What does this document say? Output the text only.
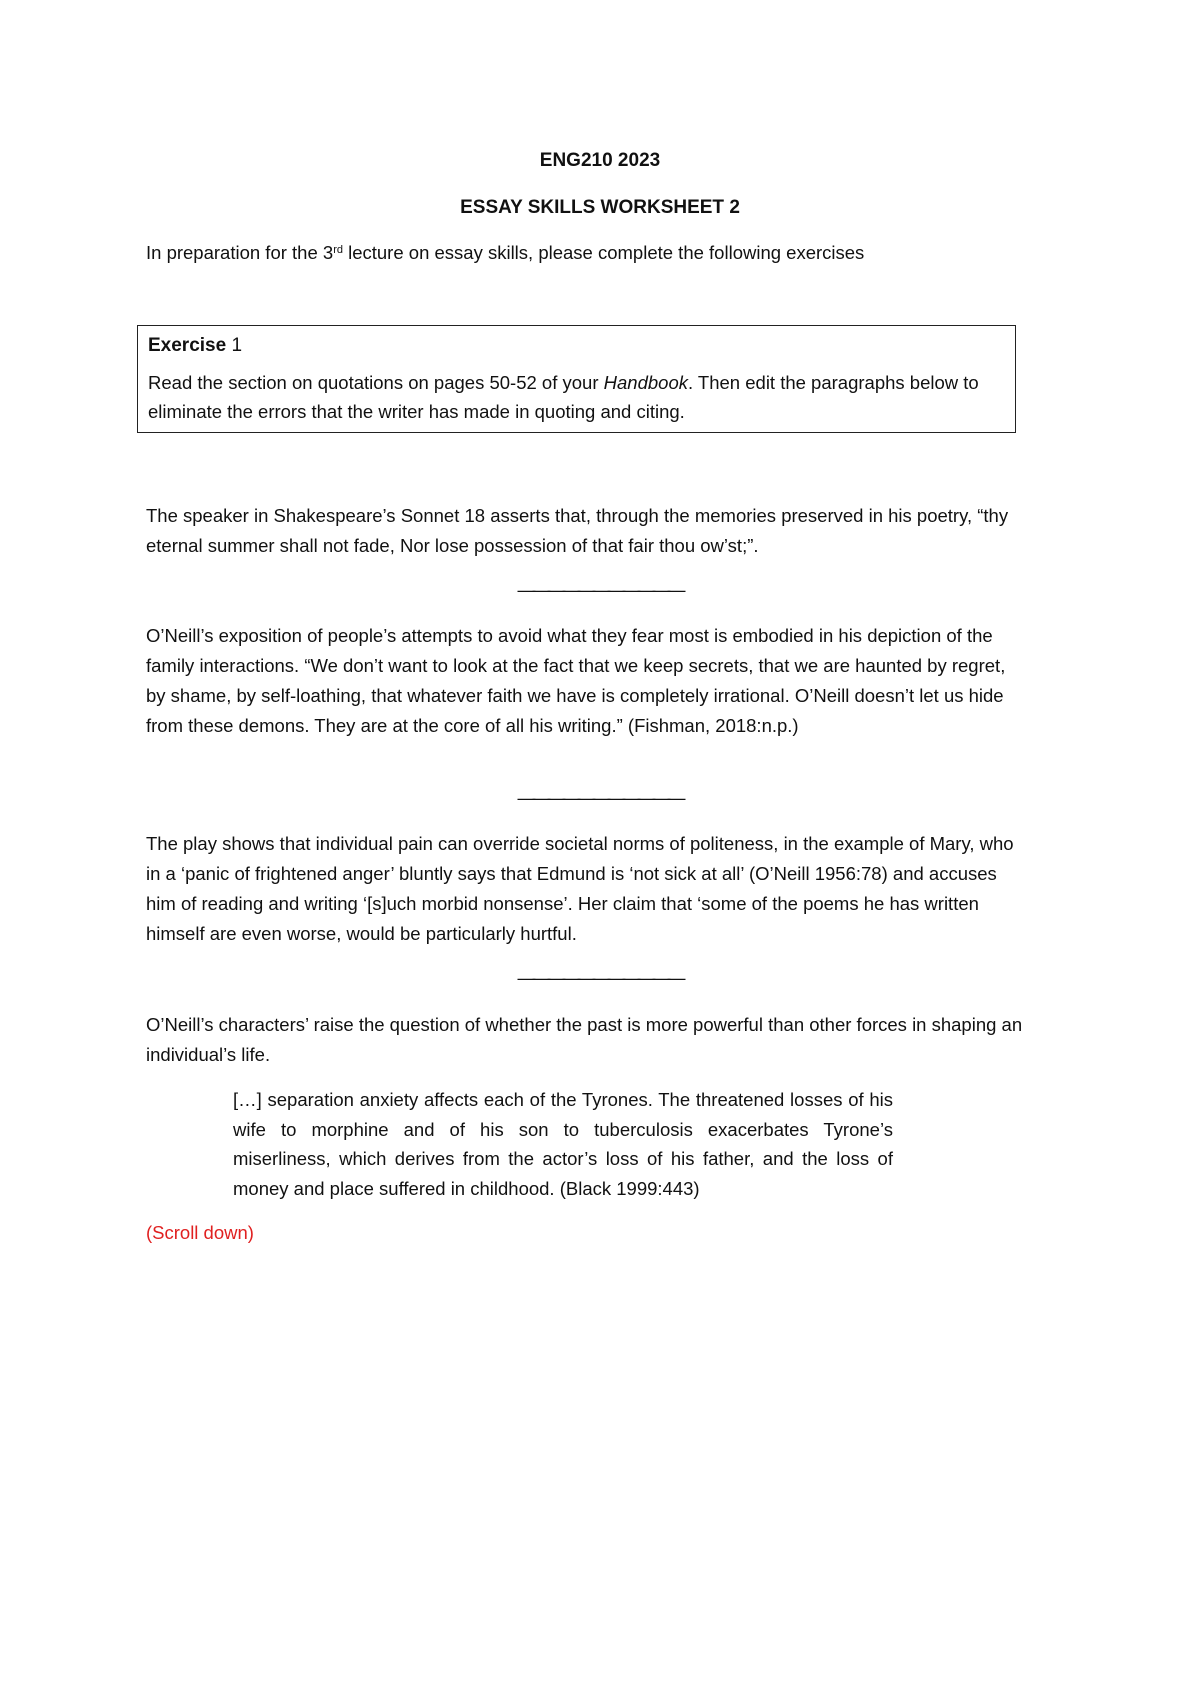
ENG210 2023
ESSAY SKILLS WORKSHEET 2
In preparation for the 3rd lecture on essay skills, please complete the following exercises
Exercise 1
Read the section on quotations on pages 50-52 of your Handbook. Then edit the paragraphs below to eliminate the errors that the writer has made in quoting and citing.
The speaker in Shakespeare’s Sonnet 18 asserts that, through the memories preserved in his poetry, “thy eternal summer shall not fade, Nor lose possession of that fair thou ow’st;”.
———————————
O’Neill’s exposition of people’s attempts to avoid what they fear most is embodied in his depiction of the family interactions. “We don’t want to look at the fact that we keep secrets, that we are haunted by regret, by shame, by self-loathing, that whatever faith we have is completely irrational. O’Neill doesn’t let us hide from these demons. They are at the core of all his writing.” (Fishman, 2018:n.p.)
———————————
The play shows that individual pain can override societal norms of politeness, in the example of Mary, who in a ‘panic of frightened anger’ bluntly says that Edmund is ‘not sick at all’ (O’Neill 1956:78) and accuses him of reading and writing ‘[s]uch morbid nonsense’. Her claim that ‘some of the poems he has written himself are even worse, would be particularly hurtful.
———————————
O’Neill’s characters’ raise the question of whether the past is more powerful than other forces in shaping an individual’s life.
[…] separation anxiety affects each of the Tyrones. The threatened losses of his wife to morphine and of his son to tuberculosis exacerbates Tyrone’s miserliness, which derives from the actor’s loss of his father, and the loss of money and place suffered in childhood. (Black 1999:443)
(Scroll down)
